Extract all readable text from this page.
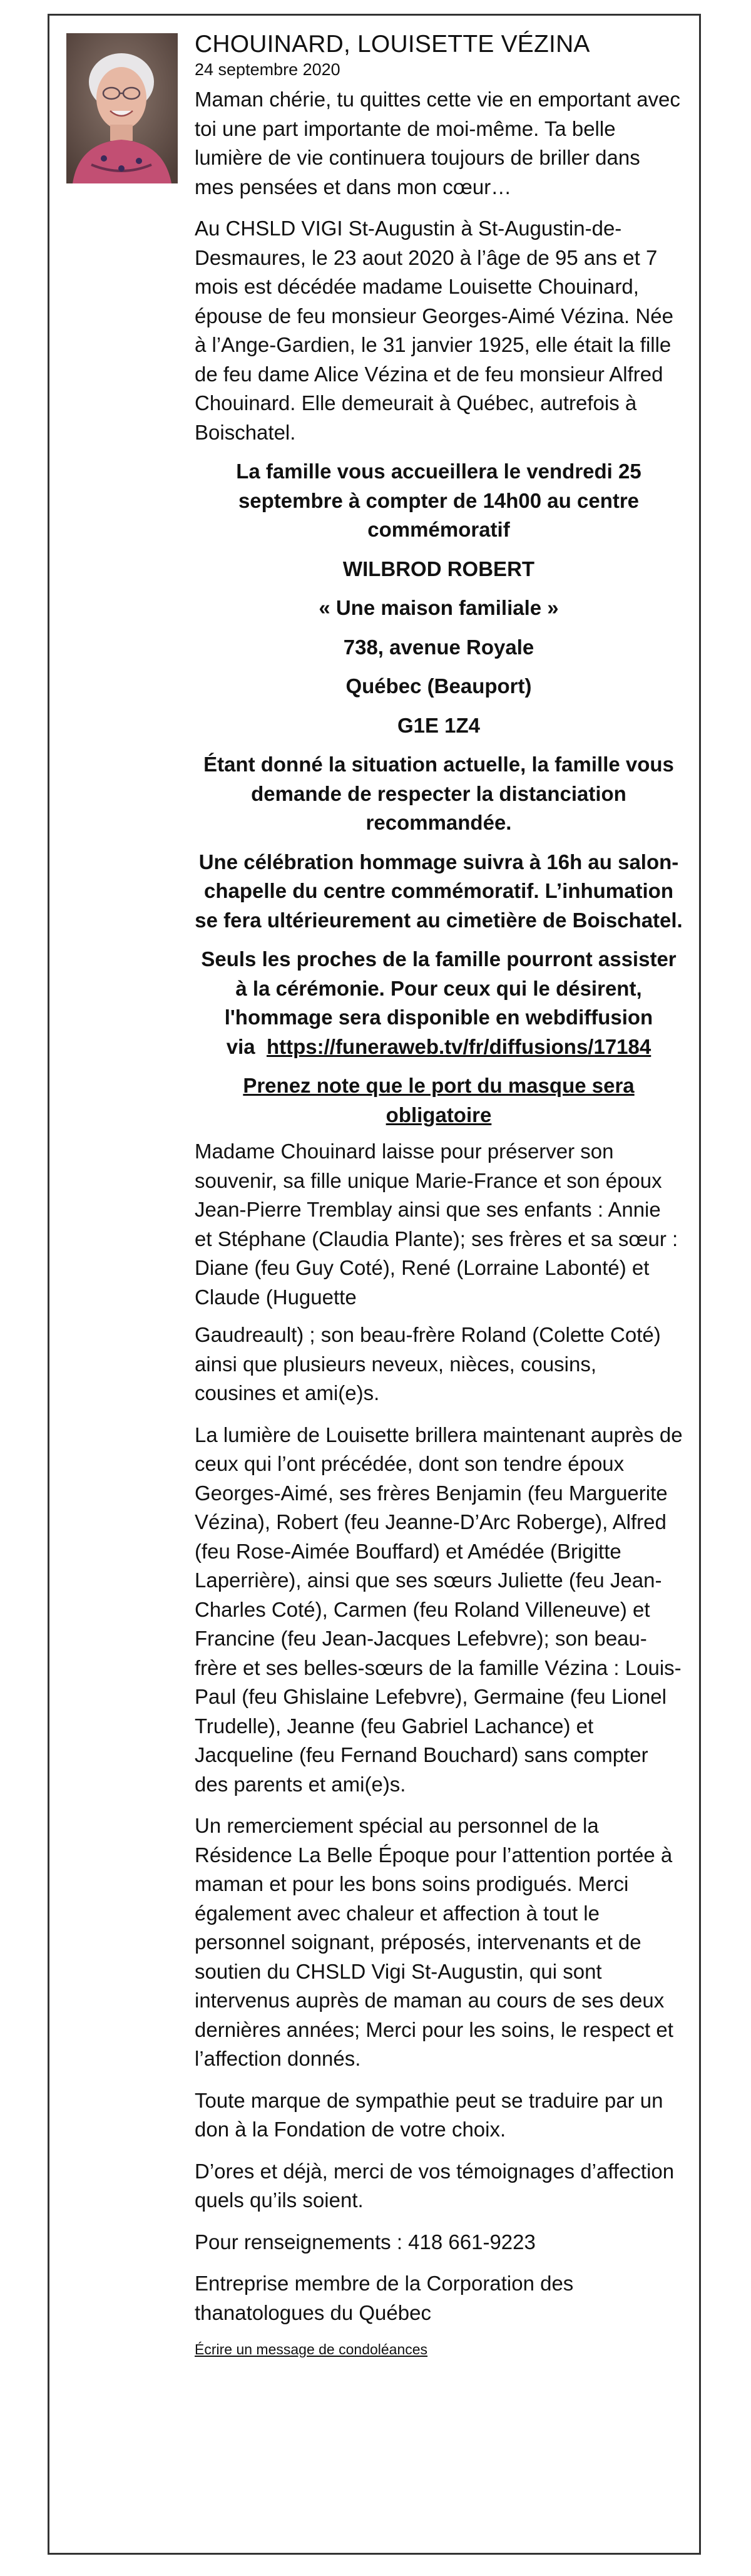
CHOUINARD, LOUISETTE VÉZINA

24 septembre 2020

Maman chérie, tu quittes cette vie en emportant avec toi une part importante de moi-même. Ta belle lumière de vie continuera toujours de briller dans mes pensées et dans mon cœur…

Au CHSLD VIGI St-Augustin à St-Augustin-de-Desmaures, le 23 aout 2020 à l’âge de 95 ans et 7 mois est décédée madame Louisette Chouinard, épouse de feu monsieur Georges-Aimé Vézina. Née à l’Ange-Gardien, le 31 janvier 1925, elle était la fille de feu dame Alice Vézina et de feu monsieur Alfred Chouinard. Elle demeurait à Québec, autrefois à Boischatel.

La famille vous accueillera le vendredi 25 septembre à compter de 14h00 au centre commémoratif

WILBROD ROBERT

« Une maison familiale »

738, avenue Royale

Québec (Beauport)

G1E 1Z4

Étant donné la situation actuelle, la famille vous demande de respecter la distanciation recommandée.

Une célébration hommage suivra à 16h au salon-chapelle du centre commémoratif. L’inhumation se fera ultérieurement au cimetière de Boischatel.

Seuls les proches de la famille pourront assister à la cérémonie. Pour ceux qui le désirent, l'hommage sera disponible en webdiffusion

via https://funeraweb.tv/fr/diffusions/17184

Prenez note que le port du masque sera obligatoire

Madame Chouinard laisse pour préserver son souvenir, sa fille unique Marie-France et son époux Jean-Pierre Tremblay ainsi que ses enfants : Annie et Stéphane (Claudia Plante); ses frères et sa sœur : Diane (feu Guy Coté), René (Lorraine Labonté) et Claude (Huguette

Gaudreault) ; son beau-frère Roland (Colette Coté) ainsi que plusieurs neveux, nièces, cousins, cousines et ami(e)s.

La lumière de Louisette brillera maintenant auprès de ceux qui l’ont précédée, dont son tendre époux Georges-Aimé, ses frères Benjamin (feu Marguerite Vézina), Robert (feu Jeanne-D’Arc Roberge), Alfred (feu Rose-Aimée Bouffard) et Amédée (Brigitte Laperrière), ainsi que ses sœurs Juliette (feu Jean-Charles Coté), Carmen (feu Roland Villeneuve) et Francine (feu Jean-Jacques Lefebvre); son beau-frère et ses belles-sœurs de la famille Vézina : Louis-Paul (feu Ghislaine Lefebvre), Germaine (feu Lionel Trudelle), Jeanne (feu Gabriel Lachance) et Jacqueline (feu Fernand Bouchard) sans compter des parents et ami(e)s.

Un remerciement spécial au personnel de la Résidence La Belle Époque pour l’attention portée à maman et pour les bons soins prodigués. Merci également avec chaleur et affection à tout le personnel soignant, préposés, intervenants et de soutien du CHSLD Vigi St-Augustin, qui sont intervenus auprès de maman au cours de ses deux dernières années; Merci pour les soins, le respect et l’affection donnés.

Toute marque de sympathie peut se traduire par un don à la Fondation de votre choix.

D’ores et déjà, merci de vos témoignages d’affection quels qu’ils soient.

Pour renseignements : 418 661-9223

Entreprise membre de la Corporation des thanatologues du Québec

Écrire un message de condoléances
